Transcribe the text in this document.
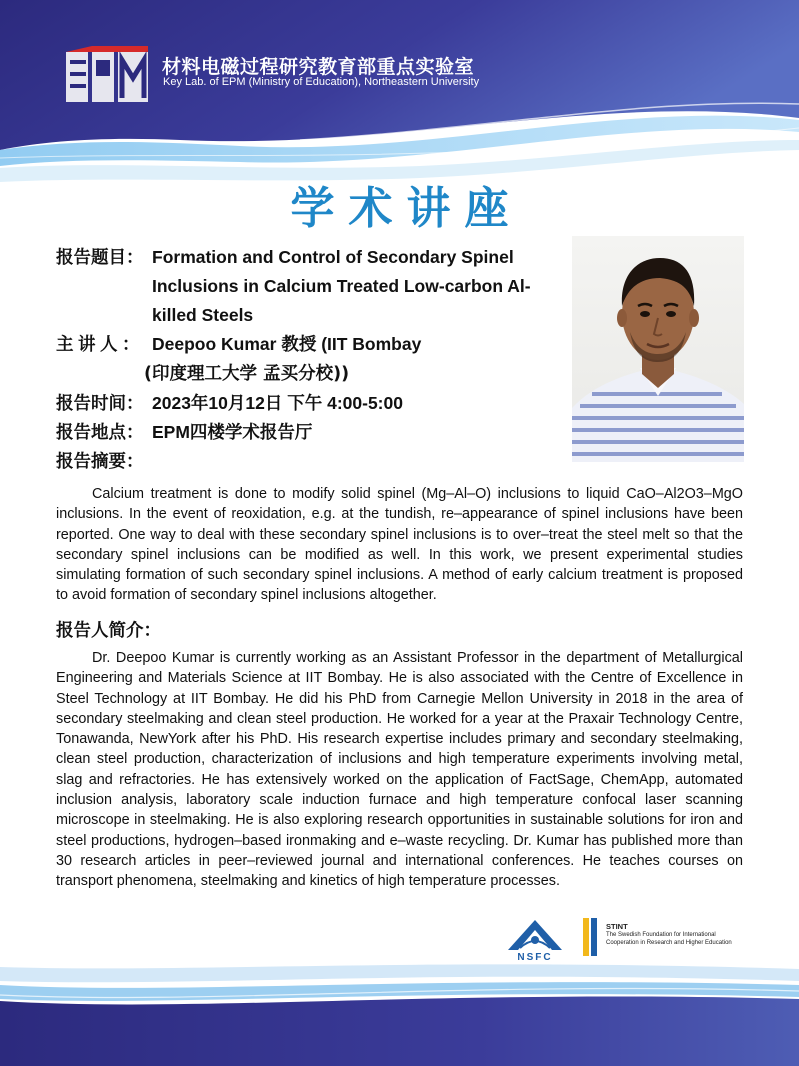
材料电磁过程研究教育部重点实验室
Key Lab. of EPM (Ministry of Education), Northeastern University
学术讲座
报告题目： Formation and Control of Secondary Spinel Inclusions in Calcium Treated Low-carbon Al-killed Steels
主讲人： Deepoo Kumar 教授 (IIT Bombay
(印度理工大学 孟买分校))
报告时间： 2023年10月12日 下午 4:00-5:00
报告地点： EPM四楼学术报告厅
报告摘要：

Calcium treatment is done to modify solid spinel (Mg–Al–O) inclusions to liquid CaO–Al2O3–MgO inclusions. In the event of reoxidation, e.g. at the tundish, re–appearance of spinel inclusions have been reported. One way to deal with these secondary spinel inclusions is to over–treat the steel melt so that the secondary spinel inclusions can be modified as well. In this work, we present experimental studies simulating formation of such secondary spinel inclusions. A method of early calcium treatment is proposed to avoid formation of secondary spinel inclusions altogether.

报告人简介：

Dr. Deepoo Kumar is currently working as an Assistant Professor in the department of Metallurgical Engineering and Materials Science at IIT Bombay. He is also associated with the Centre of Excellence in Steel Technology at IIT Bombay. He did his PhD from Carnegie Mellon University in 2018 in the area of secondary steelmaking and clean steel production. He worked for a year at the Praxair Technology Centre, Tonawanda, NewYork after his PhD. His research expertise includes primary and secondary steelmaking, clean steel production, characterization of inclusions and high temperature experiments involving metal, slag and refractories. He has extensively worked on the application of FactSage, ChemApp, automated inclusion analysis, laboratory scale induction furnace and high temperature confocal laser scanning microscope in steelmaking. He is also exploring research opportunities in sustainable solutions for iron and steel productions, hydrogen–based ironmaking and e–waste recycling. Dr. Kumar has published more than 30 research articles in peer–reviewed journal and international conferences. He teaches courses on transport phenomena, steelmaking and kinetics of high temperature processes.

NSFC
STINT
The Swedish Foundation for International Cooperation in Research and Higher Education
